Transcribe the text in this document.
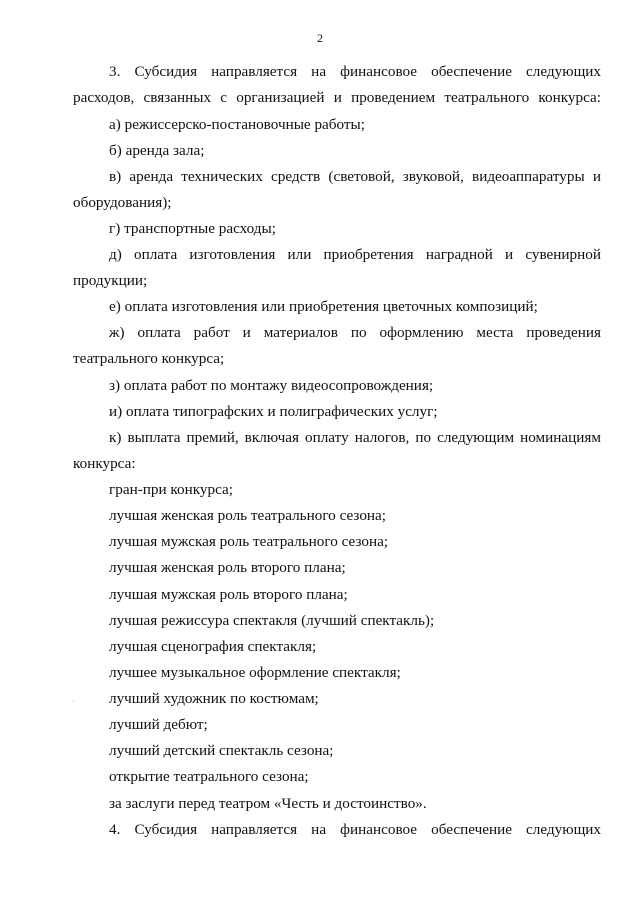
2
3. Субсидия направляется на финансовое обеспечение следующих
расходов, связанных с организацией и проведением театрального конкурса:
а) режиссерско-постановочные работы;
б) аренда зала;
в) аренда технических средств (световой, звуковой, видеоаппаратуры и
оборудования);
г) транспортные расходы;
д) оплата изготовления или приобретения наградной и сувенирной
продукции;
е) оплата изготовления или приобретения цветочных композиций;
ж) оплата работ и материалов по оформлению места проведения
театрального конкурса;
з) оплата работ по монтажу видеосопровождения;
и) оплата типографских и полиграфических услуг;
к) выплата премий, включая оплату налогов, по следующим номинациям
конкурса:
гран-при конкурса;
лучшая женская роль театрального сезона;
лучшая мужская роль театрального сезона;
лучшая женская роль второго плана;
лучшая мужская роль второго плана;
лучшая режиссура спектакля (лучший спектакль);
лучшая сценография спектакля;
лучшее музыкальное оформление спектакля;
лучший художник по костюмам;
лучший дебют;
лучший детский спектакль сезона;
открытие театрального сезона;
за заслуги перед театром «Честь и достоинство».
4. Субсидия направляется на финансовое обеспечение следующих
